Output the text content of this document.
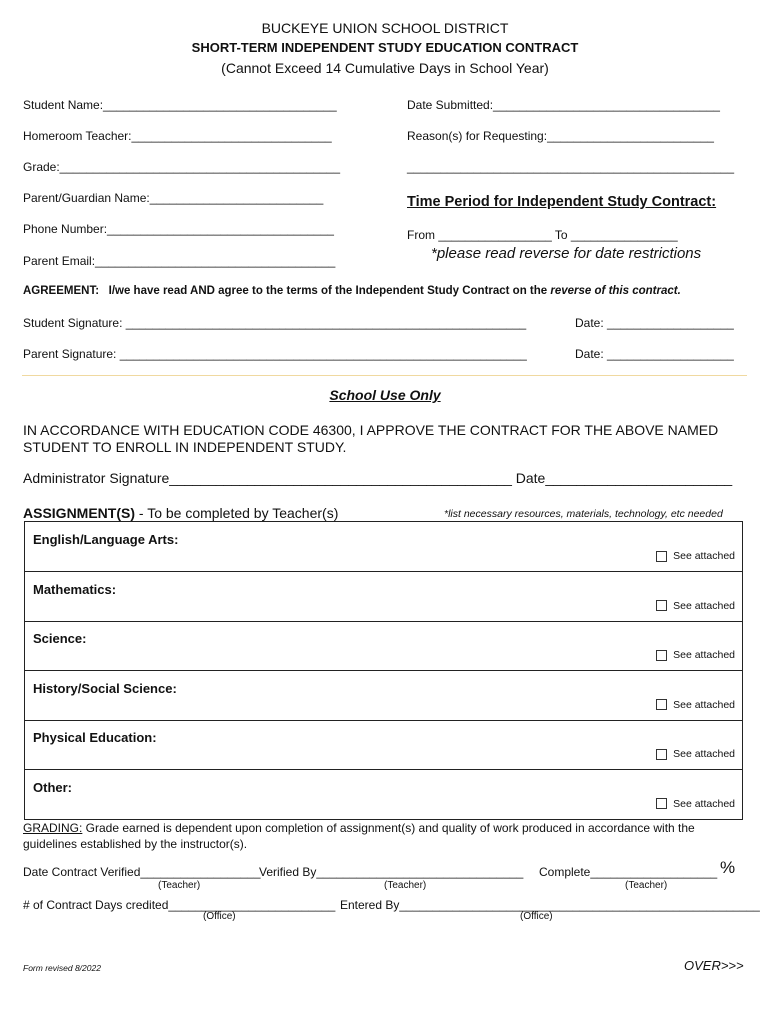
BUCKEYE UNION SCHOOL DISTRICT
SHORT-TERM INDEPENDENT STUDY EDUCATION CONTRACT
(Cannot Exceed 14 Cumulative Days in School Year)
Student Name:___________________________________
Homeroom Teacher:______________________________
Grade:__________________________________________
Parent/Guardian Name:__________________________
Phone Number:__________________________________
Parent Email:____________________________________
Date Submitted:__________________________________
Reason(s) for Requesting:_________________________
_________________________________________________
Time Period for Independent Study Contract:
From _________________ To ________________
*please read reverse for date restrictions
AGREEMENT: I/we have read AND agree to the terms of the Independent Study Contract on the reverse of this contract.
Student Signature: ____________________________________________________________	Date: ___________________
Parent Signature: _____________________________________________________________	Date: ___________________
School Use Only
IN ACCORDANCE WITH EDUCATION CODE 46300, I APPROVE THE CONTRACT FOR THE ABOVE NAMED
STUDENT TO ENROLL IN INDEPENDENT STUDY.
Administrator Signature____________________________________________ Date________________________
ASSIGNMENT(S) - To be completed by Teacher(s)	*list necessary resources, materials, technology, etc needed
English/Language Arts:
See attached
Mathematics:
See attached
Science:
See attached
History/Social Science:
See attached
Physical Education:
See attached
Other:
See attached
GRADING: Grade earned is dependent upon completion of assignment(s) and quality of work produced in accordance with the
guidelines established by the instructor(s).
Date Contract Verified__________________
Verified By_______________________________ Complete___________________ %
(Teacher)	(Teacher)	(Teacher)
# of Contract Days credited_________________________ Entered By______________________________________________________
(Office)	(Office)
Form revised 8/2022	OVER>>>
